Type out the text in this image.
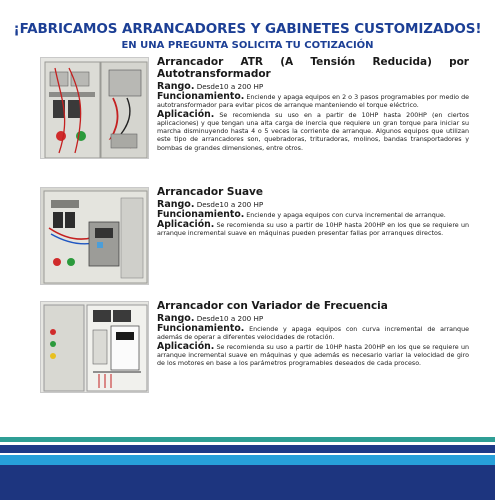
¡FABRICAMOS ARRANCADORES Y GABINETES CUSTOMIZADOS!
EN UNA PREGUNTA SOLICITA TU COTIZACIÓN
Arrancador ATR (A Tensión Reducida) por
Autotransformador
Rango. Desde10 a 200 HP
Funcionamiento. Enciende y apaga equipos en 2 o 3 pasos programables por medio de autotransformador para evitar picos de arranque manteniendo el torque eléctrico.
Aplicación. Se recomienda su uso en a partir de 10HP hasta 200HP (en ciertos aplicaciones) y que tengan una alta carga de inercia que requiere un gran torque para iniciar su marcha disminuyendo hasta 4 o 5 veces la corriente de arranque. Algunos equipos que utilizan este tipo de arrancadores son, quebradoras, trituradoras, molinos, bandas transportadores y bombas de grandes dimensiones, entre otros.
Arrancador Suave
Rango. Desde10 a 200 HP
Funcionamiento. Enciende y apaga equipos con curva incremental de arranque.
Aplicación. Se recomienda su uso a partir de 10HP hasta 200HP en los que se requiere un arranque incremental suave en máquinas pueden presentar fallas por arranques directos.
Arrancador con Variador de Frecuencia
Rango. Desde10 a 200 HP
Funcionamiento. Enciende y apaga equipos con curva incremental de arranque además de operar a diferentes velocidades de rotación.
Aplicación. Se recomienda su uso a partir de 10HP hasta 200HP en los que se requiere un arranque incremental suave en máquinas y que además es necesario variar la velocidad de giro de los motores en base a los parámetros programables deseados de cada proceso.
